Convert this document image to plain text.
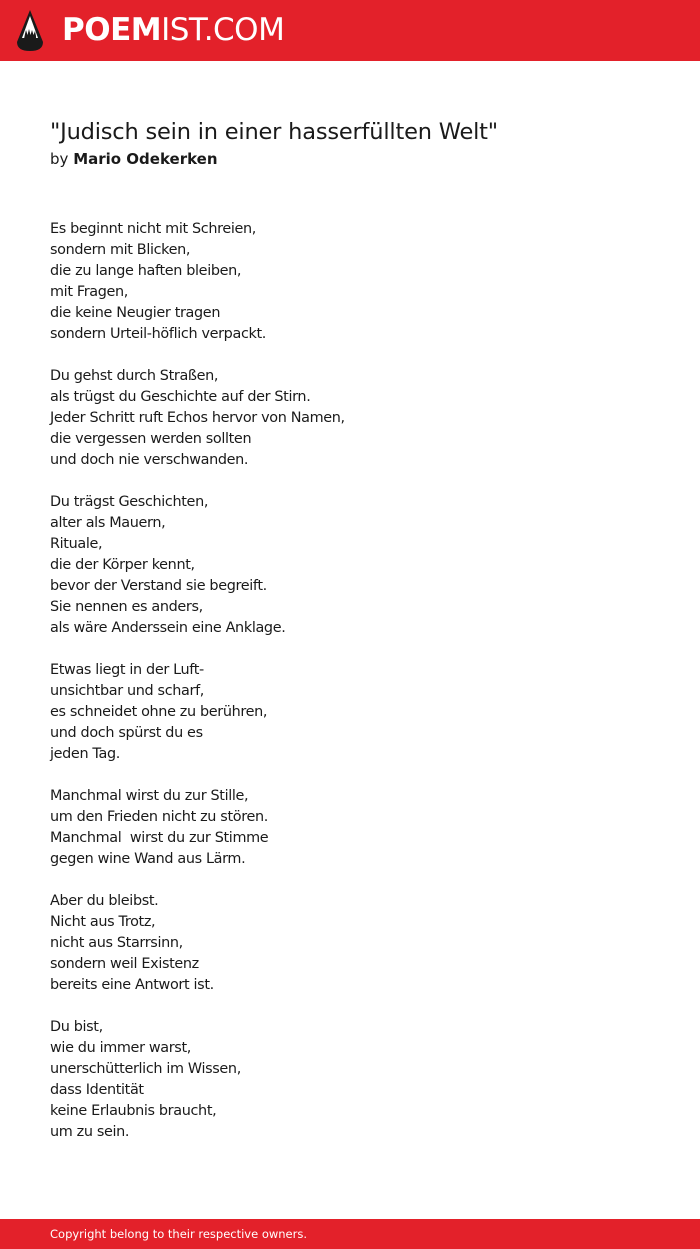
POEMIST.COM
"Judisch sein in einer hasserfüllten Welt"
by Mario Odekerken
Es beginnt nicht mit Schreien,
sondern mit Blicken,
die zu lange haften bleiben,
mit Fragen,
die keine Neugier tragen
sondern Urteil-höflich verpackt.
Du gehst durch Straßen,
als trügst du Geschichte auf der Stirn.
Jeder Schritt ruft Echos hervor von Namen,
die vergessen werden sollten
und doch nie verschwanden.
Du trägst Geschichten,
alter als Mauern,
Rituale,
die der Körper kennt,
bevor der Verstand sie begreift.
Sie nennen es anders,
als wäre Anderssein eine Anklage.
Etwas liegt in der Luft-
unsichtbar und scharf,
es schneidet ohne zu berühren,
und doch spürst du es
jeden Tag.
Manchmal wirst du zur Stille,
um den Frieden nicht zu stören.
Manchmal  wirst du zur Stimme
gegen wine Wand aus Lärm.
Aber du bleibst.
Nicht aus Trotz,
nicht aus Starrsinn,
sondern weil Existenz
bereits eine Antwort ist.
Du bist,
wie du immer warst,
unerschütterlich im Wissen,
dass Identität
keine Erlaubnis braucht,
um zu sein.
Copyright belong to their respective owners.
